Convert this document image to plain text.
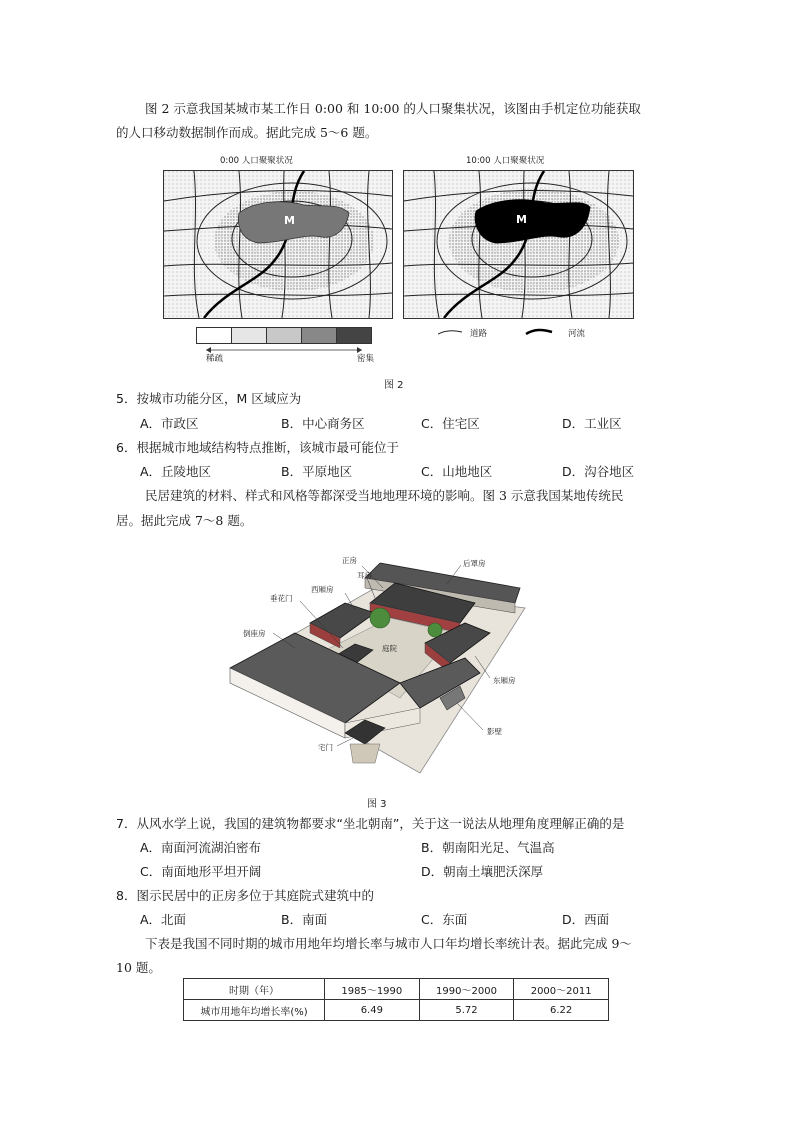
图 2 示意我国某城市某工作日 0:00 和 10:00 的人口聚集状况，该图由手机定位功能获取
的人口移动数据制作而成。据此完成 5～6 题。
0:00 人口聚聚状况	10:00 人口聚聚状况
M	M
稀疏	密集
道路	河流
图 2
5．按城市功能分区，M 区域应为
A．市政区	B．中心商务区	C．住宅区	D．工业区
6．根据城市地域结构特点推断，该城市最可能位于
A．丘陵地区	B．平原地区	C．山地地区	D．沟谷地区
民居建筑的材料、样式和风格等都深受当地地理环境的影响。图 3 示意我国某地传统民
居。据此完成 7～8 题。
正房
耳房
后罩房
西厢房
垂花门
倒座房
庭院
东厢房
影壁
宅门
图 3
7．从风水学上说，我国的建筑物都要求“坐北朝南”，关于这一说法从地理角度理解正确的是
A．南面河流湖泊密布	B．朝南阳光足、气温高
C．南面地形平坦开阔	D．朝南土壤肥沃深厚
8．图示民居中的正房多位于其庭院式建筑中的
A．北面	B．南面	C．东面	D．西面
下表是我国不同时期的城市用地年均增长率与城市人口年均增长率统计表。据此完成 9～
10 题。
时期（年）	1985～1990	1990～2000	2000～2011
城市用地年均增长率(%)	6.49	5.72	6.22
